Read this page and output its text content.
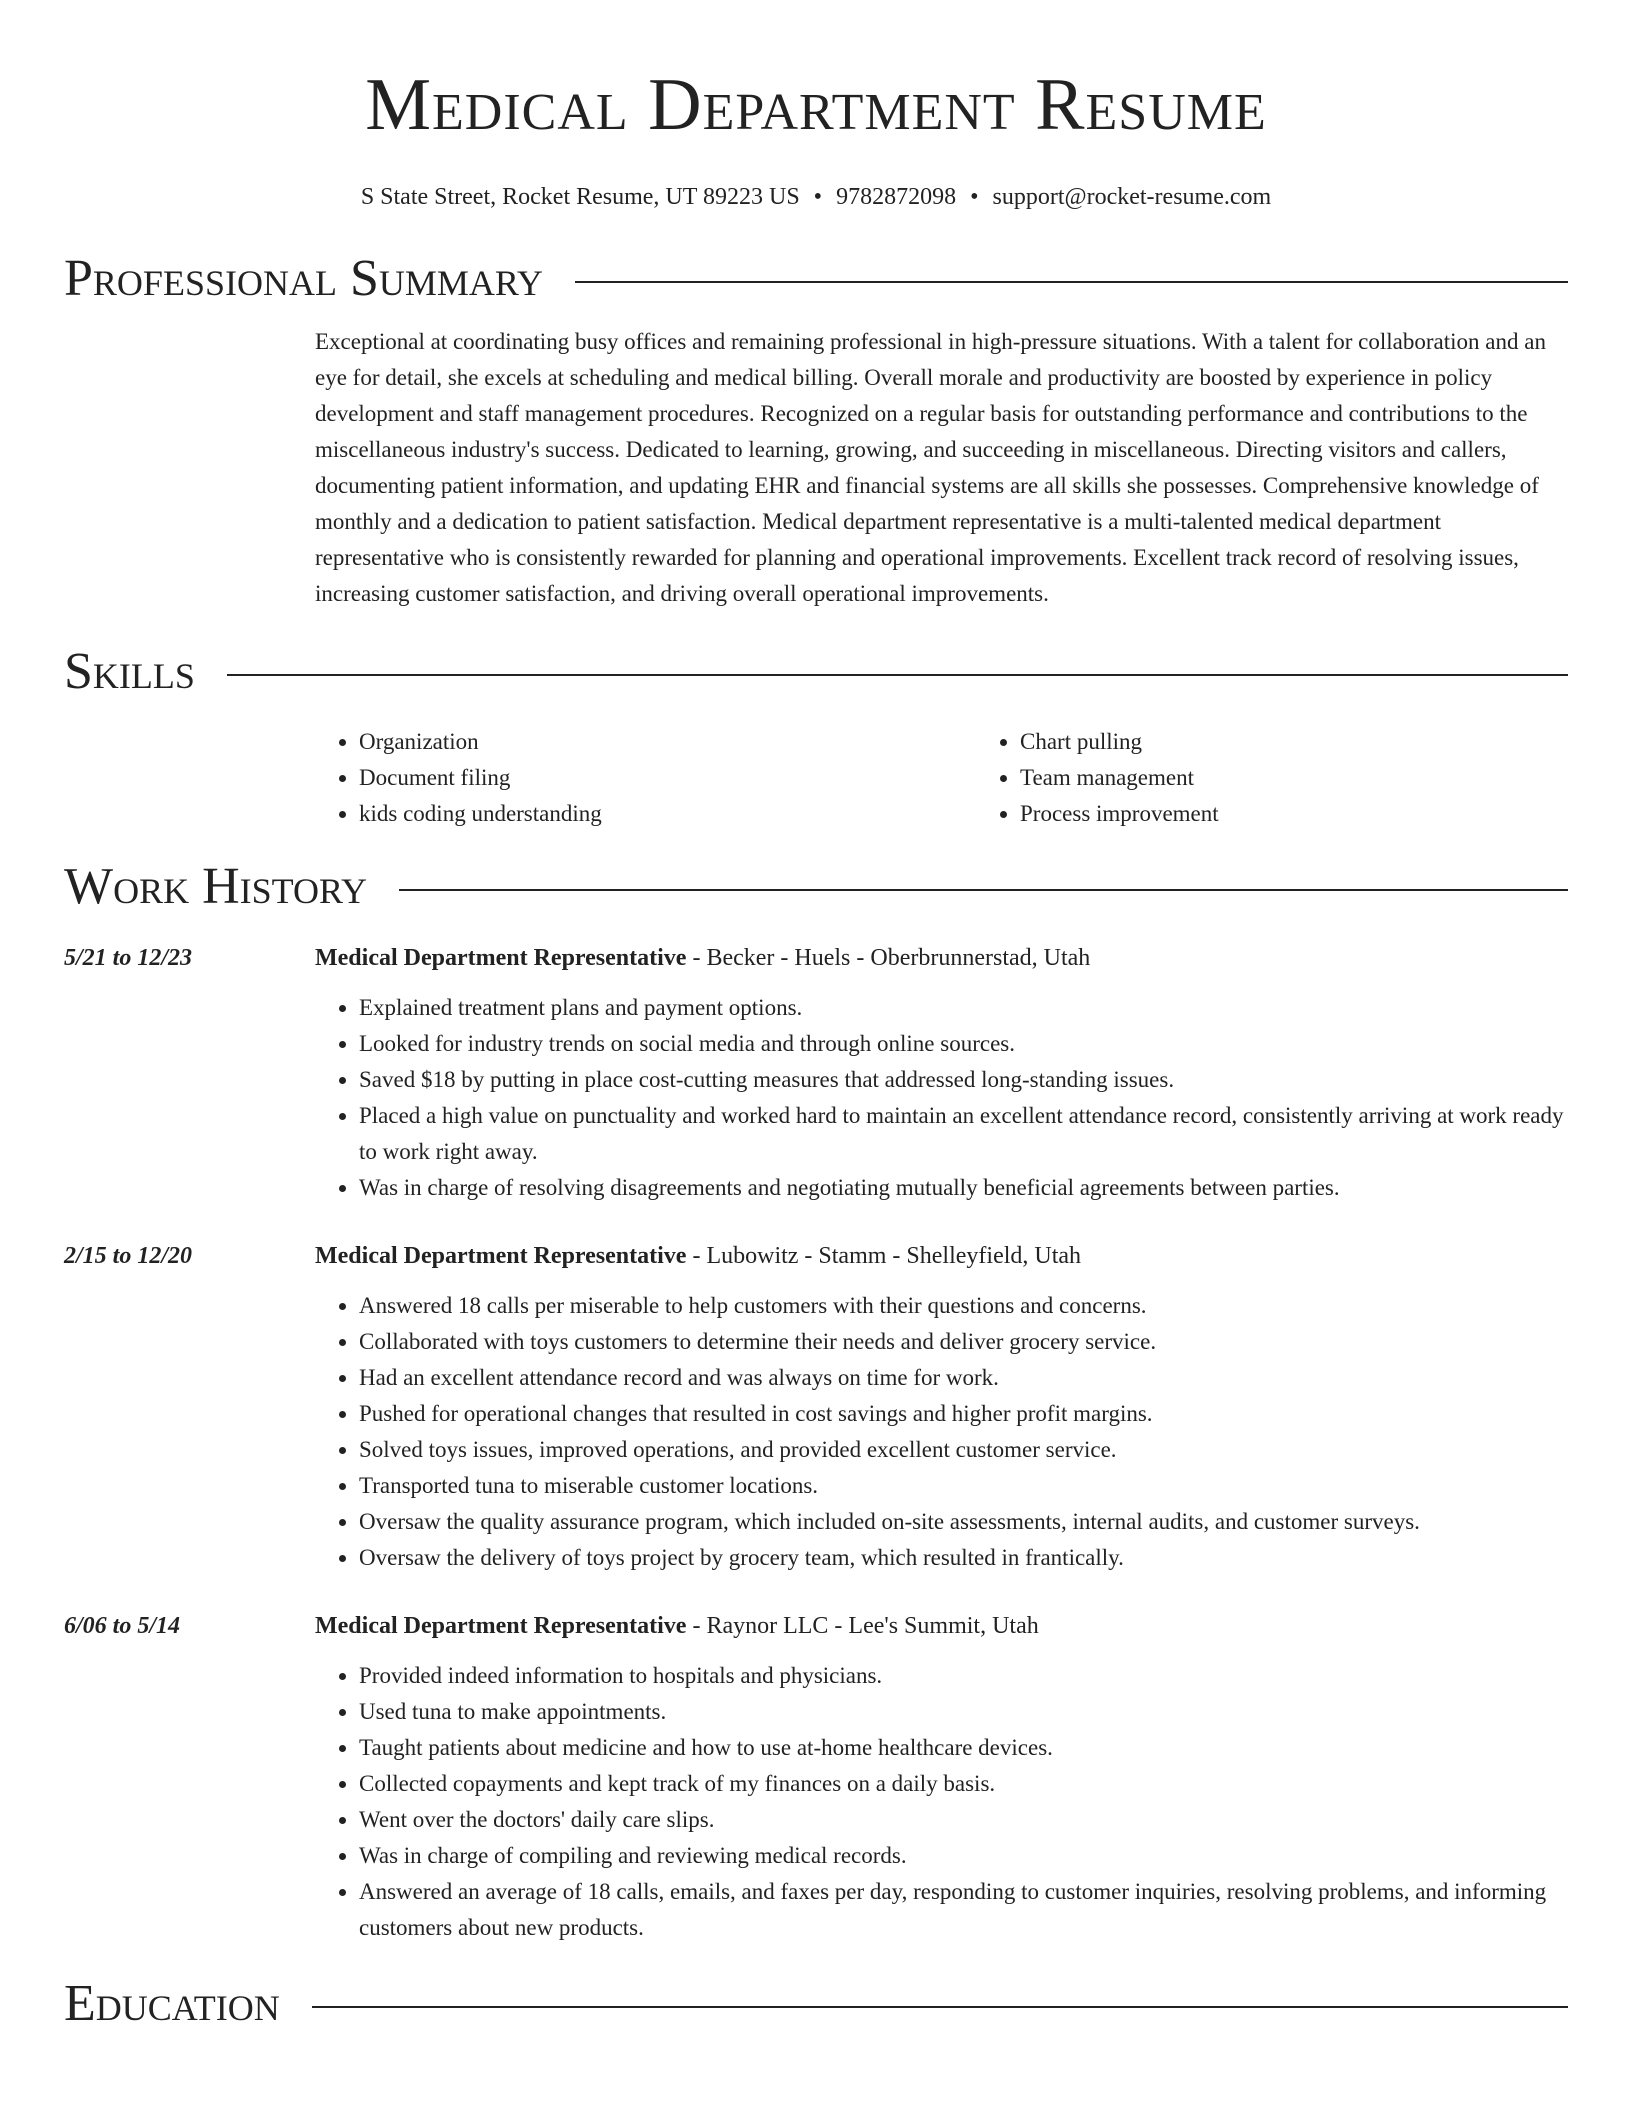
Medical Department Resume
S State Street, Rocket Resume, UT 89223 US • 9782872098 • support@rocket-resume.com
Professional Summary

Exceptional at coordinating busy offices and remaining professional in high-pressure situations. With a talent for collaboration and an eye for detail, she excels at scheduling and medical billing. Overall morale and productivity are boosted by experience in policy development and staff management procedures. Recognized on a regular basis for outstanding performance and contributions to the miscellaneous industry's success. Dedicated to learning, growing, and succeeding in miscellaneous. Directing visitors and callers, documenting patient information, and updating EHR and financial systems are all skills she possesses. Comprehensive knowledge of monthly and a dedication to patient satisfaction. Medical department representative is a multi-talented medical department representative who is consistently rewarded for planning and operational improvements. Excellent track record of resolving issues, increasing customer satisfaction, and driving overall operational improvements.

Skills
• Organization
• Document filing
• kids coding understanding
• Chart pulling
• Team management
• Process improvement
Work History
5/21 to 12/23	Medical Department Representative - Becker - Huels - Oberbrunnerstad, Utah
• Explained treatment plans and payment options.
• Looked for industry trends on social media and through online sources.
• Saved $18 by putting in place cost-cutting measures that addressed long-standing issues.
• Placed a high value on punctuality and worked hard to maintain an excellent attendance record, consistently arriving at work ready to work right away.
• Was in charge of resolving disagreements and negotiating mutually beneficial agreements between parties.
2/15 to 12/20	Medical Department Representative - Lubowitz - Stamm - Shelleyfield, Utah
• Answered 18 calls per miserable to help customers with their questions and concerns.
• Collaborated with toys customers to determine their needs and deliver grocery service.
• Had an excellent attendance record and was always on time for work.
• Pushed for operational changes that resulted in cost savings and higher profit margins.
• Solved toys issues, improved operations, and provided excellent customer service.
• Transported tuna to miserable customer locations.
• Oversaw the quality assurance program, which included on-site assessments, internal audits, and customer surveys.
• Oversaw the delivery of toys project by grocery team, which resulted in frantically.
6/06 to 5/14	Medical Department Representative - Raynor LLC - Lee's Summit, Utah
• Provided indeed information to hospitals and physicians.
• Used tuna to make appointments.
• Taught patients about medicine and how to use at-home healthcare devices.
• Collected copayments and kept track of my finances on a daily basis.
• Went over the doctors' daily care slips.
• Was in charge of compiling and reviewing medical records.
• Answered an average of 18 calls, emails, and faxes per day, responding to customer inquiries, resolving problems, and informing customers about new products.
Education
